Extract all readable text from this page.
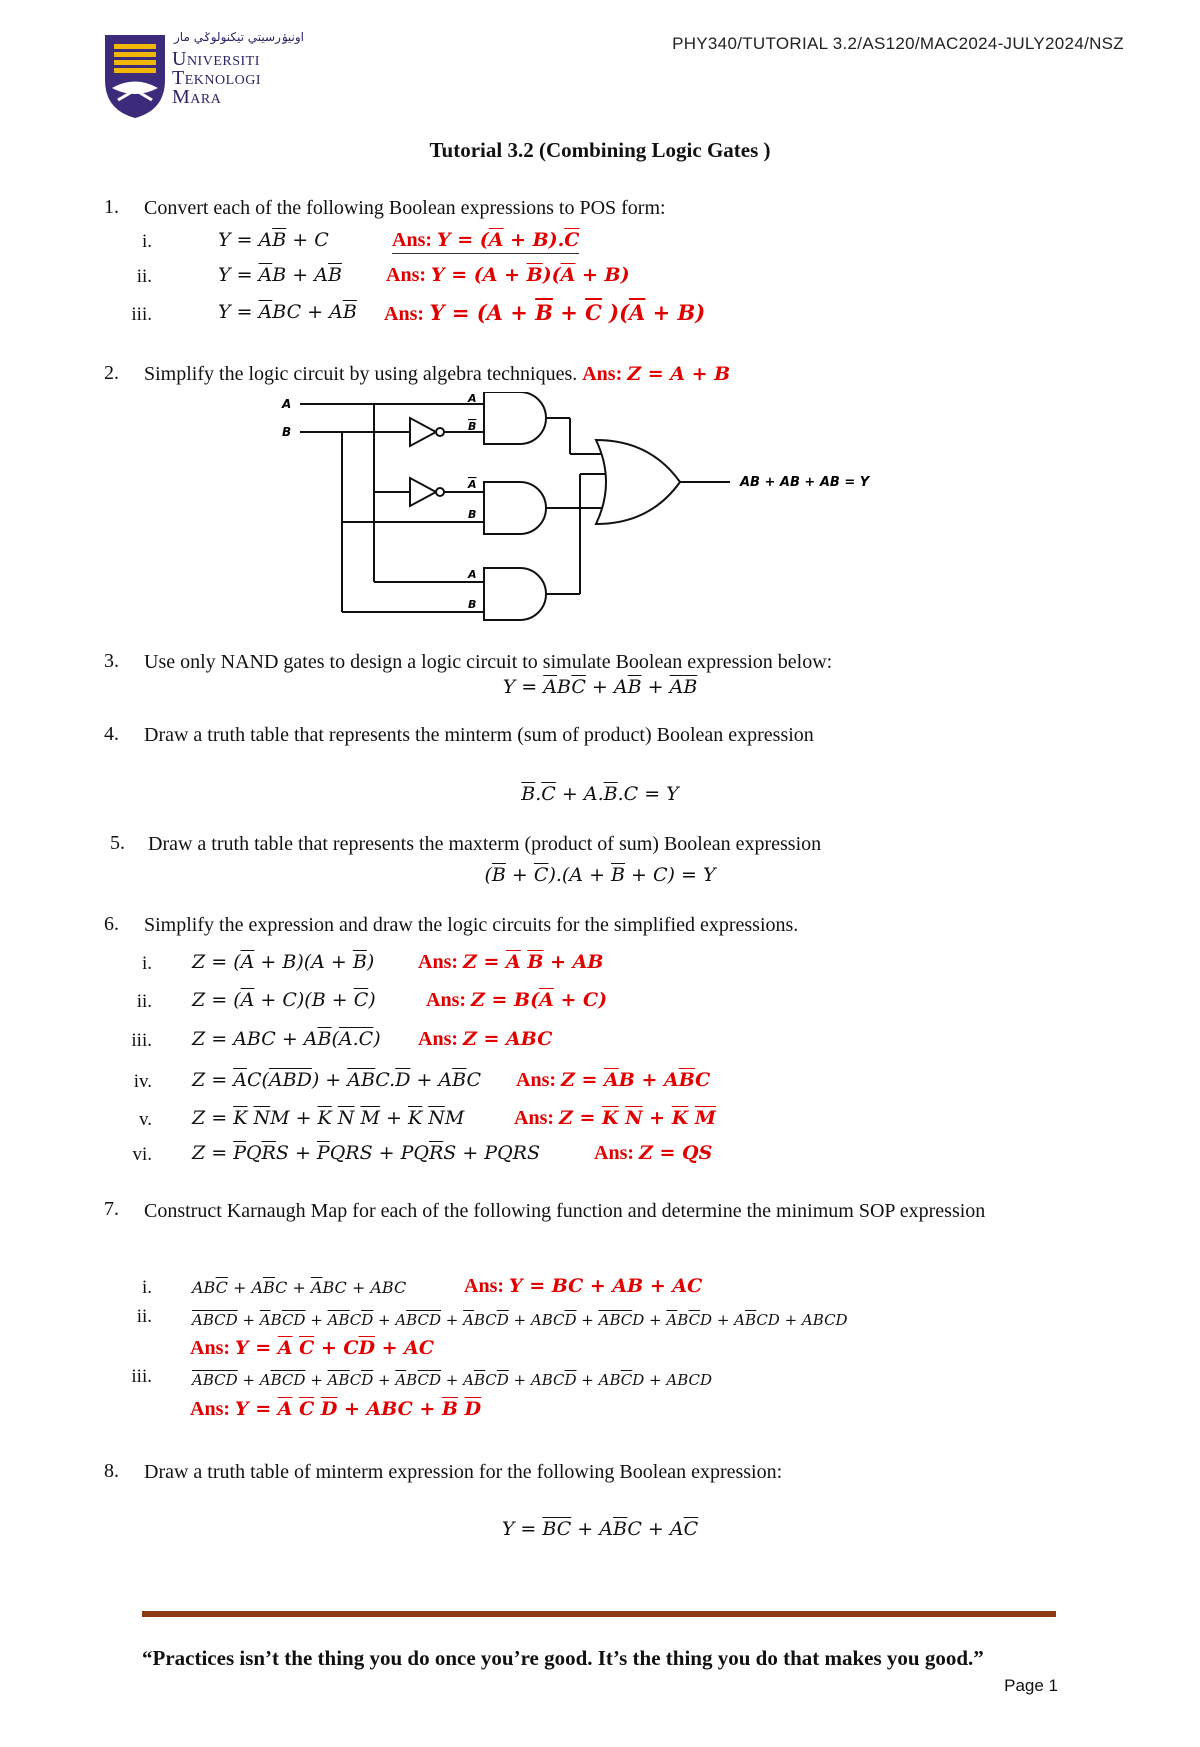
PHY340/TUTORIAL 3.2/AS120/MAC2024-JULY2024/NSZ
اونيۏرسيتي تيكنولوݢي مار
Universiti
Teknologi
Mara
Tutorial 3.2 (Combining Logic Gates )
1. Convert each of the following Boolean expressions to POS form:
i.	$Y = A\overline{B} + C$	Ans: $Y = (\overline{A} + B).\overline{C}$
ii.	$Y = \overline{A}B + A\overline{B}$ Ans: $Y = (A + \overline{B})(\overline{A} + B)$
iii.	$Y = \overline{A}BC + A\overline{B}$ Ans: $Y = (A + \overline{B} + \overline{C}$ )$(\overline{A} + B)$
2. Simplify the logic circuit by using algebra techniques. Ans: Z = A + B
A
B
A
B
A
B
A
B
AB + AB + AB = Y
3. Use only NAND gates to design a logic circuit to simulate Boolean expression below:
$Y = \overline{A}B\overline{C} + A\overline{B} + \overline{A}\overline{B}$
4. Draw a truth table that represents the minterm (sum of product) Boolean expression
$\overline{B}.\overline{C} + A.\overline{B}.C = Y$
5. Draw a truth table that represents the maxterm (product of sum) Boolean expression
$(\overline{B} + \overline{C}).(A + \overline{B} + C) = Y$
6. Simplify the expression and draw the logic circuits for the simplified expressions.
i. $Z = (\overline{A} + B)(A + \overline{B})$ Ans: $Z = \overline{A}$ $\overline{B}$ + AB
ii. $Z = (\overline{A} + C)(B + \overline{C})$	Ans: $Z = B(\overline{A} + C)$
iii. Z = ABC + $A\overline{B}(A.C)$ Ans: Z = ABC
iv. $Z = \overline{A}C(\overline{ABD}) + \overline{A}\overline{B}C.\overline{D} + A\overline{B}C$ Ans: $Z = \overline{A}B + A\overline{B}C$
v. $Z = \overline{K}$ $\overline{N}M + \overline{K}$ $\overline{N}$ $\overline{M} + \overline{K}$ $\overline{N}M$ Ans: $Z = \overline{K}$ $\overline{N} + \overline{K}$ $\overline{M}$
vi. $Z = \overline{P}Q\overline{R}S + \overline{P}QRS + PQ\overline{R}S$ + PQRS	Ans: Z = QS
7. Construct Karnaugh Map for each of the following function and determine the minimum SOP expression
i.	$AB\overline{C} + A\overline{B}C + \overline{A}BC$ + ABC	Ans: Y = BC + AB + AC
ii.	$\overline{A}\overline{B}\overline{C}\overline{D} + \overline{A}B\overline{C}\overline{D} + \overline{A}\overline{B}C\overline{D} + A\overline{B}\overline{C}\overline{D} + \overline{A}BC\overline{D} + ABC\overline{D} + \overline{A}\overline{B}\overline{C}D + \overline{A}B\overline{C}D + A\overline{B}CD$ + ABCD
Ans: $Y = \overline{A}$ $\overline{C} + C\overline{D}$ + AC
iii.	$\overline{A}\overline{B}\overline{C}\overline{D} + A\overline{B}\overline{C}\overline{D} + \overline{A}\overline{B}C\overline{D} + \overline{A}B\overline{C}\overline{D} + A\overline{B}C\overline{D} + ABC\overline{D} + AB\overline{C}D$ + ABCD
Ans: $Y = \overline{A}$ $\overline{C}$ $\overline{D}$ + ABC + $\overline{B}$ $\overline{D}$
8. Draw a truth table of minterm expression for the following Boolean expression:
$Y = \overline{B}\overline{C} + A\overline{B}C + A\overline{C}$
“Practices isn’t the thing you do once you’re good. It’s the thing you do that makes you good.”
Page 1
